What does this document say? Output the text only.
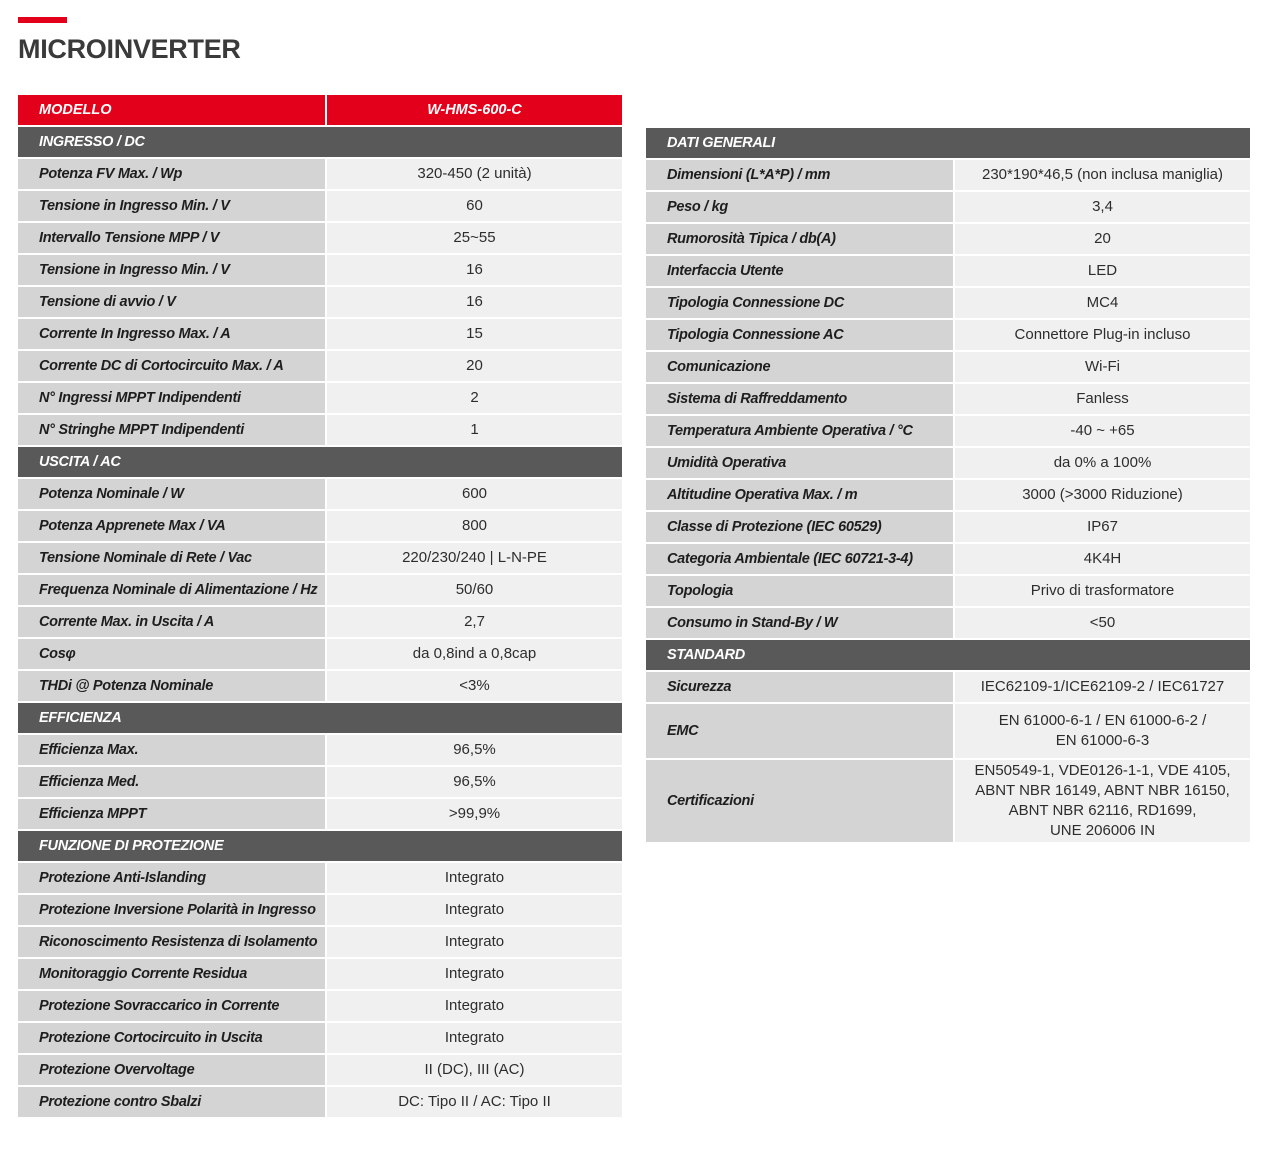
MICROINVERTER
MODELLO	W-HMS-600-C
INGRESSO / DC	
Potenza FV Max. / Wp	320-450 (2 unità)
Tensione in Ingresso Min. / V	60
Intervallo Tensione MPP / V	25~55
Tensione in Ingresso Min. / V	16
Tensione di avvio / V	16
Corrente In Ingresso Max. / A	15
Corrente DC di Cortocircuito Max. / A	20
N° Ingressi MPPT Indipendenti	2
N° Stringhe MPPT Indipendenti	1
USCITA / AC	
Potenza Nominale / W	600
Potenza Apprenete Max / VA	800
Tensione Nominale di Rete / Vac	220/230/240 | L-N-PE
Frequenza Nominale di Alimentazione / Hz	50/60
Corrente Max. in Uscita / A	2,7
Cosφ	da 0,8ind a 0,8cap
THDi @ Potenza Nominale	<3%
EFFICIENZA	
Efficienza Max.	96,5%
Efficienza Med.	96,5%
Efficienza MPPT	>99,9%
FUNZIONE DI PROTEZIONE	
Protezione Anti-Islanding	Integrato
Protezione Inversione Polarità in Ingresso	Integrato
Riconoscimento Resistenza di Isolamento	Integrato
Monitoraggio Corrente Residua	Integrato
Protezione Sovraccarico in Corrente	Integrato
Protezione Cortocircuito in Uscita	Integrato
Protezione Overvoltage	II (DC), III (AC)
Protezione contro Sbalzi	DC: Tipo II / AC: Tipo II
DATI GENERALI	
Dimensioni (L*A*P) / mm	230*190*46,5 (non inclusa maniglia)
Peso / kg	3,4
Rumorosità Tipica / db(A)	20
Interfaccia Utente	LED
Tipologia Connessione DC	MC4
Tipologia Connessione AC	Connettore Plug-in incluso
Comunicazione	Wi-Fi
Sistema di Raffreddamento	Fanless
Temperatura Ambiente Operativa / °C	-40 ~ +65
Umidità Operativa	da 0% a 100%
Altitudine Operativa Max. / m	3000 (>3000 Riduzione)
Classe di Protezione (IEC 60529)	IP67
Categoria Ambientale (IEC 60721-3-4)	4K4H
Topologia	Privo di trasformatore
Consumo in Stand-By / W	<50
STANDARD	
Sicurezza	IEC62109-1/ICE62109-2 / IEC61727
EMC	EN 61000-6-1 / EN 61000-6-2 /
EN 61000-6-3
Certificazioni	EN50549-1, VDE0126-1-1, VDE 4105,
ABNT NBR 16149, ABNT NBR 16150,
ABNT NBR 62116, RD1699,
UNE 206006 IN
